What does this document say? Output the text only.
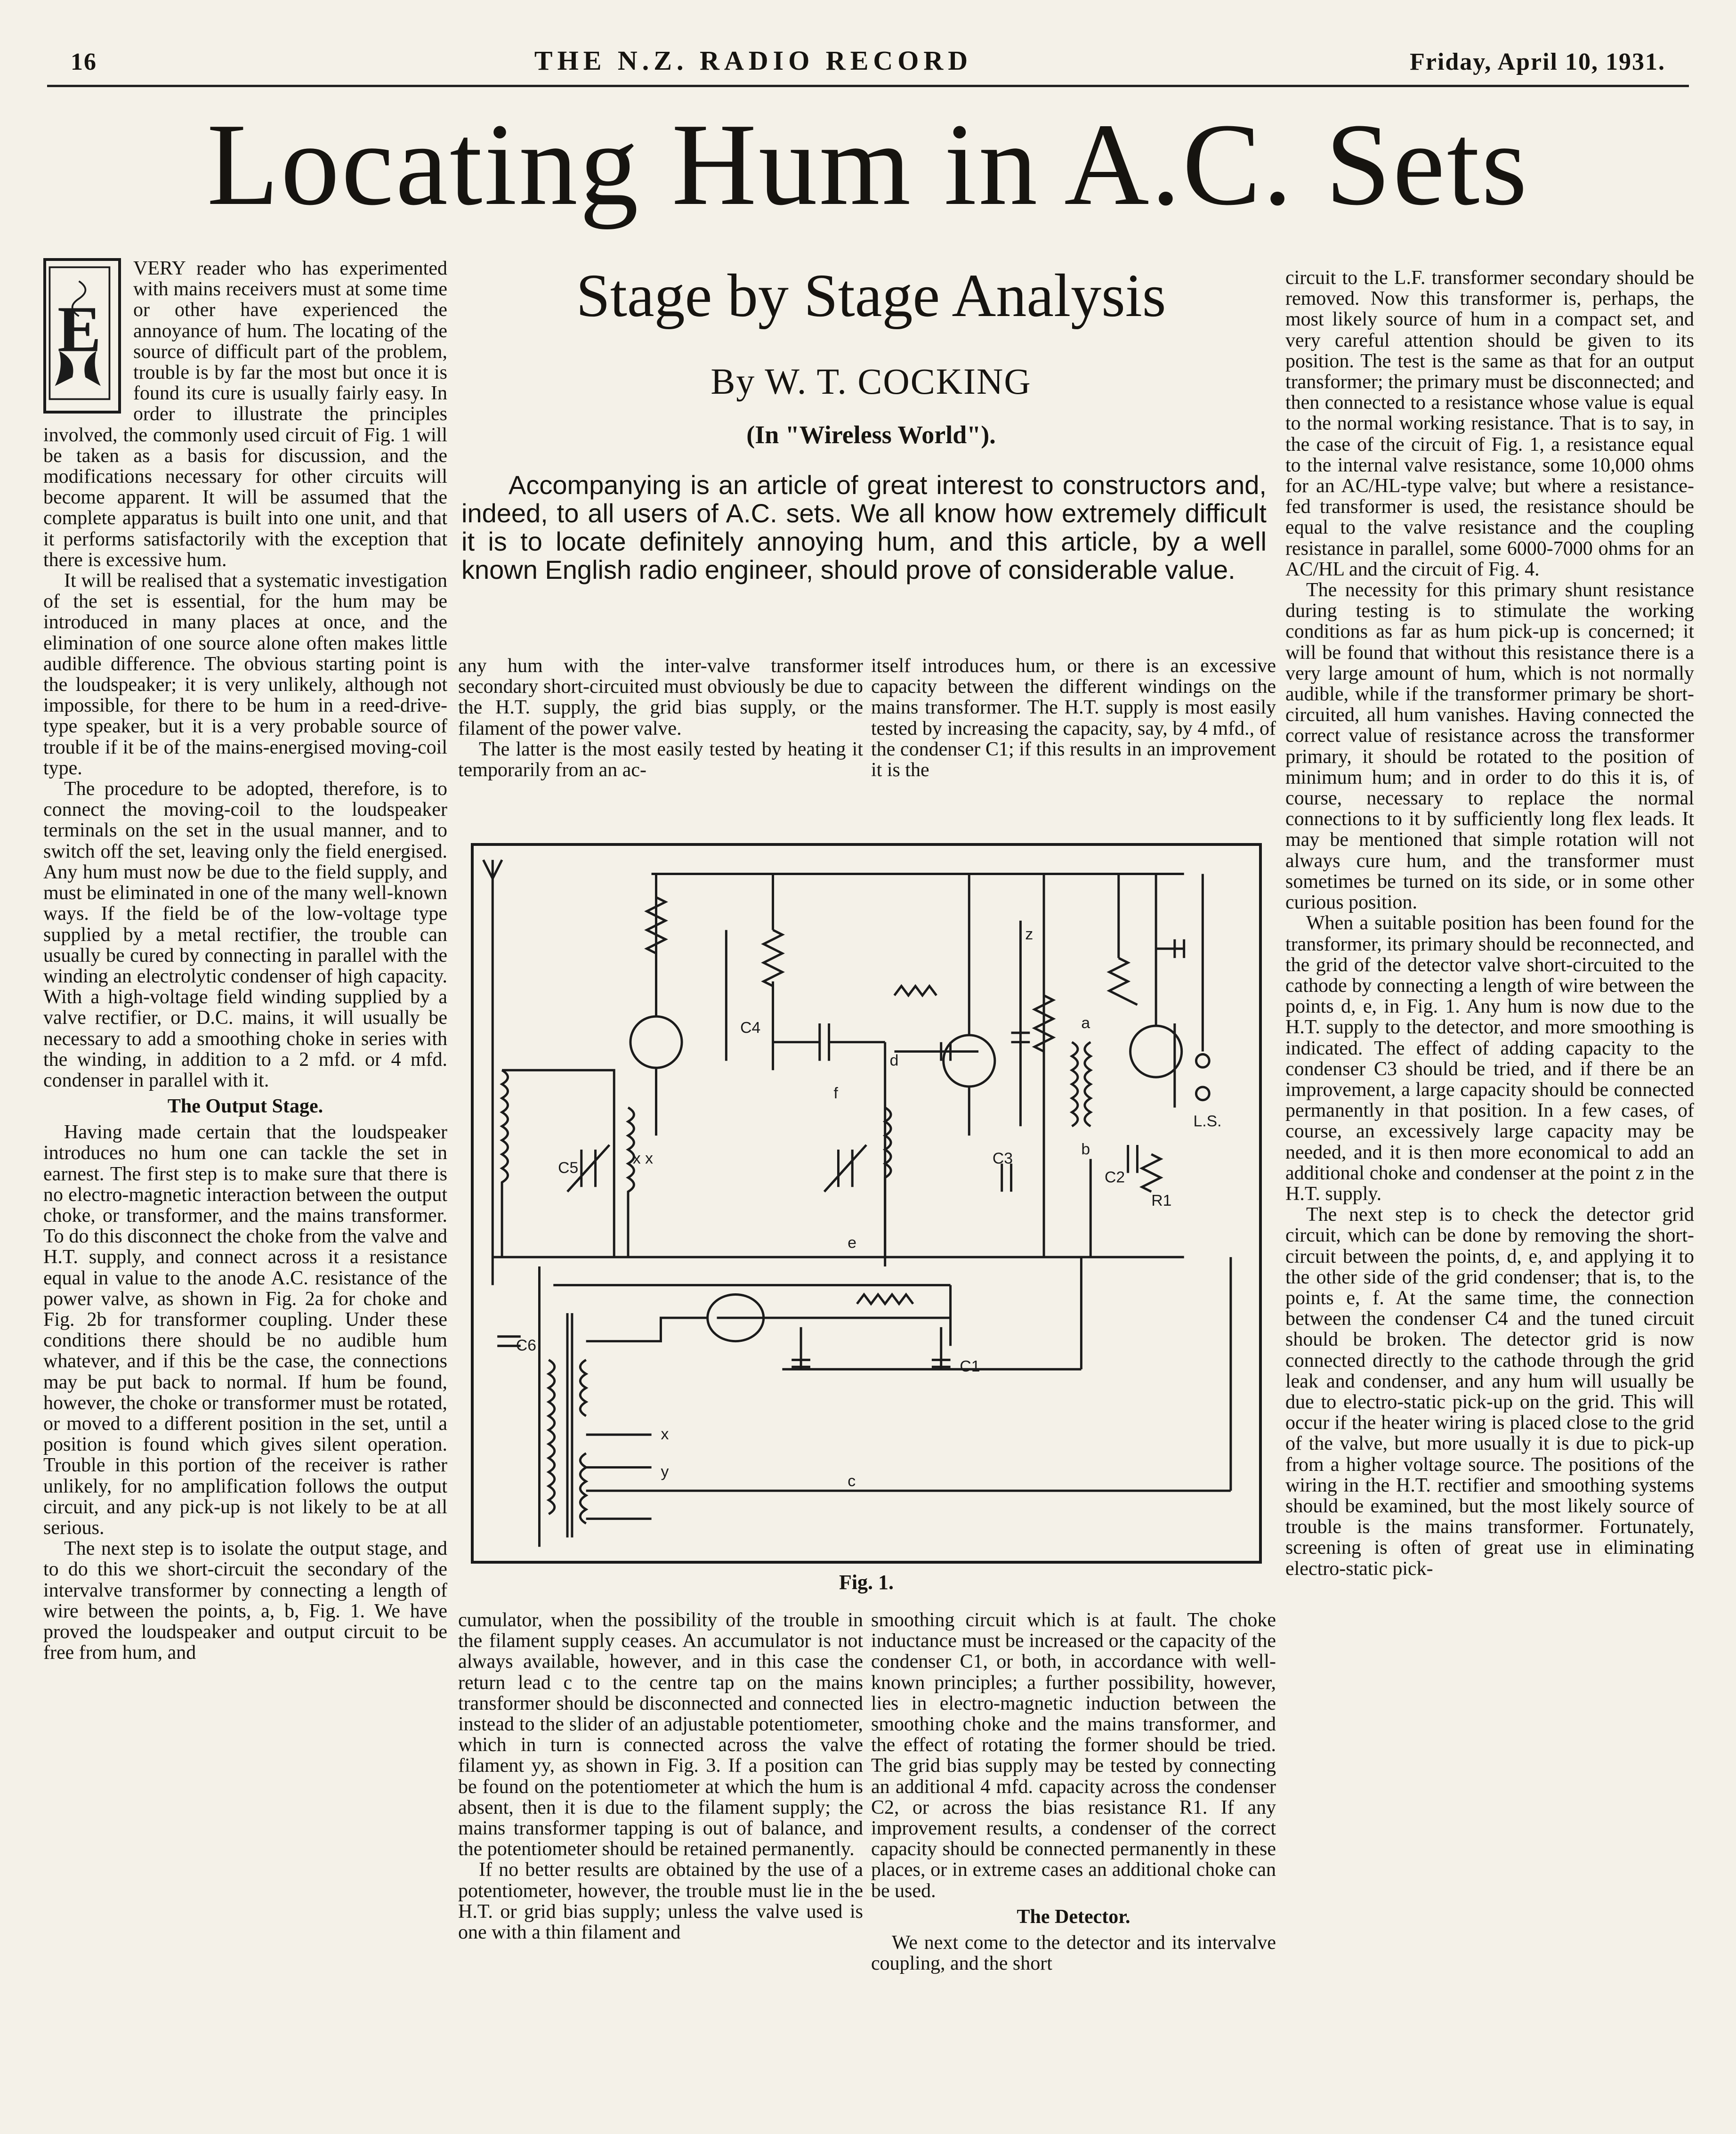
16	THE N.Z. RADIO RECORD	Friday, April 10, 1931.
Locating Hum in A.C. Sets
Stage by Stage Analysis
By W. T. COCKING
(In "Wireless World").

Accompanying is an article of great interest to constructors and, indeed, to all users of A.C. sets. We all know how extremely difficult it is to locate definitely annoying hum, and this article, by a well known English radio engineer, should prove of considerable value.

E

VERY reader who has experimented with mains receivers must at some time or other have experienced the annoyance of hum. The locating of the source of difficult part of the problem, trouble is by far the most but once it is found its cure is usually fairly easy. In order to illustrate the principles involved, the commonly used circuit of Fig. 1 will be taken as a basis for discussion, and the modifications necessary for other circuits will become apparent. It will be assumed that the complete apparatus is built into one unit, and that it performs satisfactorily with the exception that there is excessive hum.

It will be realised that a systematic investigation of the set is essential, for the hum may be introduced in many places at once, and the elimination of one source alone often makes little audible difference. The obvious starting point is the loudspeaker; it is very unlikely, although not impossible, for there to be hum in a reed-drive-type speaker, but it is a very probable source of trouble if it be of the mains-energised moving-coil type.

The procedure to be adopted, therefore, is to connect the moving-coil to the loudspeaker terminals on the set in the usual manner, and to switch off the set, leaving only the field energised. Any hum must now be due to the field supply, and must be eliminated in one of the many well-known ways. If the field be of the low-voltage type supplied by a metal rectifier, the trouble can usually be cured by connecting in parallel with the winding an electrolytic condenser of high capacity. With a high-voltage field winding supplied by a valve rectifier, or D.C. mains, it will usually be necessary to add a smoothing choke in series with the winding, in addition to a 2 mfd. or 4 mfd. condenser in parallel with it.

The Output Stage.

Having made certain that the loudspeaker introduces no hum one can tackle the set in earnest. The first step is to make sure that there is no electro-magnetic interaction between the output choke, or transformer, and the mains transformer. To do this disconnect the choke from the valve and H.T. supply, and connect across it a resistance equal in value to the anode A.C. resistance of the power valve, as shown in Fig. 2a for choke and Fig. 2b for transformer coupling. Under these conditions there should be no audible hum whatever, and if this be the case, the connections may be put back to normal. If hum be found, however, the choke or transformer must be rotated, or moved to a different position in the set, until a position is found which gives silent operation. Trouble in this portion of the receiver is rather unlikely, for no amplification follows the output circuit, and any pick-up is not likely to be at all serious.

The next step is to isolate the output stage, and to do this we short-circuit the secondary of the intervalve transformer by connecting a length of wire between the points, a, b, Fig. 1. We have proved the loudspeaker and output circuit to be free from hum, and

any hum with the inter-valve transformer secondary short-circuited must obviously be due to the H.T. supply, the grid bias supply, or the filament of the power valve.

The latter is the most easily tested by heating it temporarily from an ac-

itself introduces hum, or there is an excessive capacity between the different windings on the mains transformer. The H.T. supply is most easily tested by increasing the capacity, say, by 4 mfd., of the condenser C1; if this results in an improvement it is the

C4
C5
d
f
e
C3
a
b
C2
R1
z
L.S.
C1
C6
c
x
y
x x
Fig. 1.

cumulator, when the possibility of the trouble in the filament supply ceases. An accumulator is not always available, however, and in this case the return lead c to the centre tap on the mains transformer should be disconnected and connected instead to the slider of an adjustable potentiometer, which in turn is connected across the valve filament yy, as shown in Fig. 3. If a position can be found on the potentiometer at which the hum is absent, then it is due to the filament supply; the mains transformer tapping is out of balance, and the potentiometer should be retained permanently.

If no better results are obtained by the use of a potentiometer, however, the trouble must lie in the H.T. or grid bias supply; unless the valve used is one with a thin filament and

smoothing circuit which is at fault. The choke inductance must be increased or the capacity of the condenser C1, or both, in accordance with well-known principles; a further possibility, however, lies in electro-magnetic induction between the smoothing choke and the mains transformer, and the effect of rotating the former should be tried. The grid bias supply may be tested by connecting an additional 4 mfd. capacity across the condenser C2, or across the bias resistance R1. If any improvement results, a condenser of the correct capacity should be connected permanently in these places, or in extreme cases an additional choke can be used.

The Detector.

We next come to the detector and its intervalve coupling, and the short

circuit to the L.F. transformer secondary should be removed. Now this transformer is, perhaps, the most likely source of hum in a compact set, and very careful attention should be given to its position. The test is the same as that for an output transformer; the primary must be disconnected; and then connected to a resistance whose value is equal to the normal working resistance. That is to say, in the case of the circuit of Fig. 1, a resistance equal to the internal valve resistance, some 10,000 ohms for an AC/HL-type valve; but where a resistance-fed transformer is used, the resistance should be equal to the valve resistance and the coupling resistance in parallel, some 6000-7000 ohms for an AC/HL and the circuit of Fig. 4.

The necessity for this primary shunt resistance during testing is to stimulate the working conditions as far as hum pick-up is concerned; it will be found that without this resistance there is a very large amount of hum, which is not normally audible, while if the transformer primary be short-circuited, all hum vanishes. Having connected the correct value of resistance across the transformer primary, it should be rotated to the position of minimum hum; and in order to do this it is, of course, necessary to replace the normal connections to it by sufficiently long flex leads. It may be mentioned that simple rotation will not always cure hum, and the transformer must sometimes be turned on its side, or in some other curious position.

When a suitable position has been found for the transformer, its primary should be reconnected, and the grid of the detector valve short-circuited to the cathode by connecting a length of wire between the points d, e, in Fig. 1. Any hum is now due to the H.T. supply to the detector, and more smoothing is indicated. The effect of adding capacity to the condenser C3 should be tried, and if there be an improvement, a large capacity should be connected permanently in that position. In a few cases, of course, an excessively large capacity may be needed, and it is then more economical to add an additional choke and condenser at the point z in the H.T. supply.

The next step is to check the detector grid circuit, which can be done by removing the short-circuit between the points, d, e, and applying it to the other side of the grid condenser; that is, to the points e, f. At the same time, the connection between the condenser C4 and the tuned circuit should be broken. The detector grid is now connected directly to the cathode through the grid leak and condenser, and any hum will usually be due to electro-static pick-up on the grid. This will occur if the heater wiring is placed close to the grid of the valve, but more usually it is due to pick-up from a higher voltage source. The positions of the wiring in the H.T. rectifier and smoothing systems should be examined, but the most likely source of trouble is the mains transformer. Fortunately, screening is often of great use in eliminating electro-static pick-
